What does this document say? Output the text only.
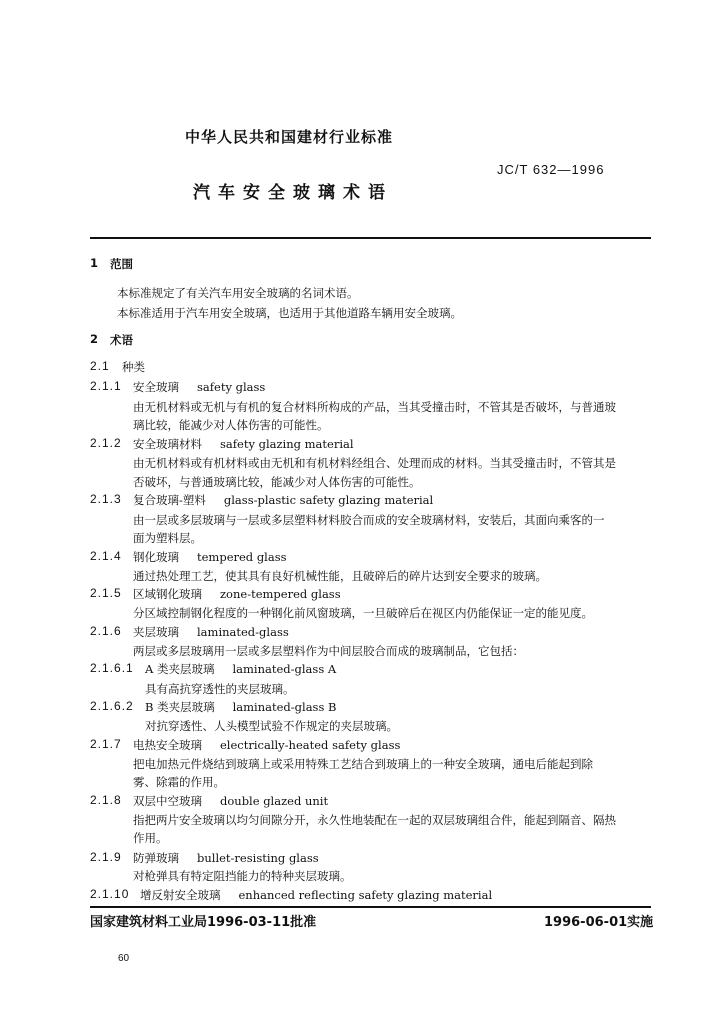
中华人民共和国建材行业标准
JC/T 632—1996
汽车安全玻璃术语
1 范围
本标准规定了有关汽车用安全玻璃的名词术语。
本标准适用于汽车用安全玻璃，也适用于其他道路车辆用安全玻璃。
2 术语
2.1 种类
2.1.1 安全玻璃 safety glass
由无机材料或无机与有机的复合材料所构成的产品，当其受撞击时，不管其是否破坏，与普通玻
璃比较，能减少对人体伤害的可能性。
2.1.2 安全玻璃材料 safety glazing material
由无机材料或有机材料或由无机和有机材料经组合、处理而成的材料。当其受撞击时，不管其是
否破坏，与普通玻璃比较，能减少对人体伤害的可能性。
2.1.3 复合玻璃-塑料 glass-plastic safety glazing material
由一层或多层玻璃与一层或多层塑料材料胶合而成的安全玻璃材料，安装后，其面向乘客的一
面为塑料层。
2.1.4 钢化玻璃 tempered glass
通过热处理工艺，使其具有良好机械性能，且破碎后的碎片达到安全要求的玻璃。
2.1.5 区域钢化玻璃 zone-tempered glass
分区域控制钢化程度的一种钢化前风窗玻璃，一旦破碎后在视区内仍能保证一定的能见度。
2.1.6 夹层玻璃 laminated-glass
两层或多层玻璃用一层或多层塑料作为中间层胶合而成的玻璃制品，它包括：
2.1.6.1 A 类夹层玻璃 laminated-glass A
具有高抗穿透性的夹层玻璃。
2.1.6.2 B 类夹层玻璃 laminated-glass B
对抗穿透性、人头模型试验不作规定的夹层玻璃。
2.1.7 电热安全玻璃 electrically-heated safety glass
把电加热元件烧结到玻璃上或采用特殊工艺结合到玻璃上的一种安全玻璃，通电后能起到除
雾、除霜的作用。
2.1.8 双层中空玻璃 double glazed unit
指把两片安全玻璃以均匀间隙分开，永久性地装配在一起的双层玻璃组合件，能起到隔音、隔热
作用。
2.1.9 防弹玻璃 bullet-resisting glass
对枪弹具有特定阻挡能力的特种夹层玻璃。
2.1.10 增反射安全玻璃 enhanced reflecting safety glazing material
国家建筑材料工业局1996-03-11批准	1996-06-01实施
60
